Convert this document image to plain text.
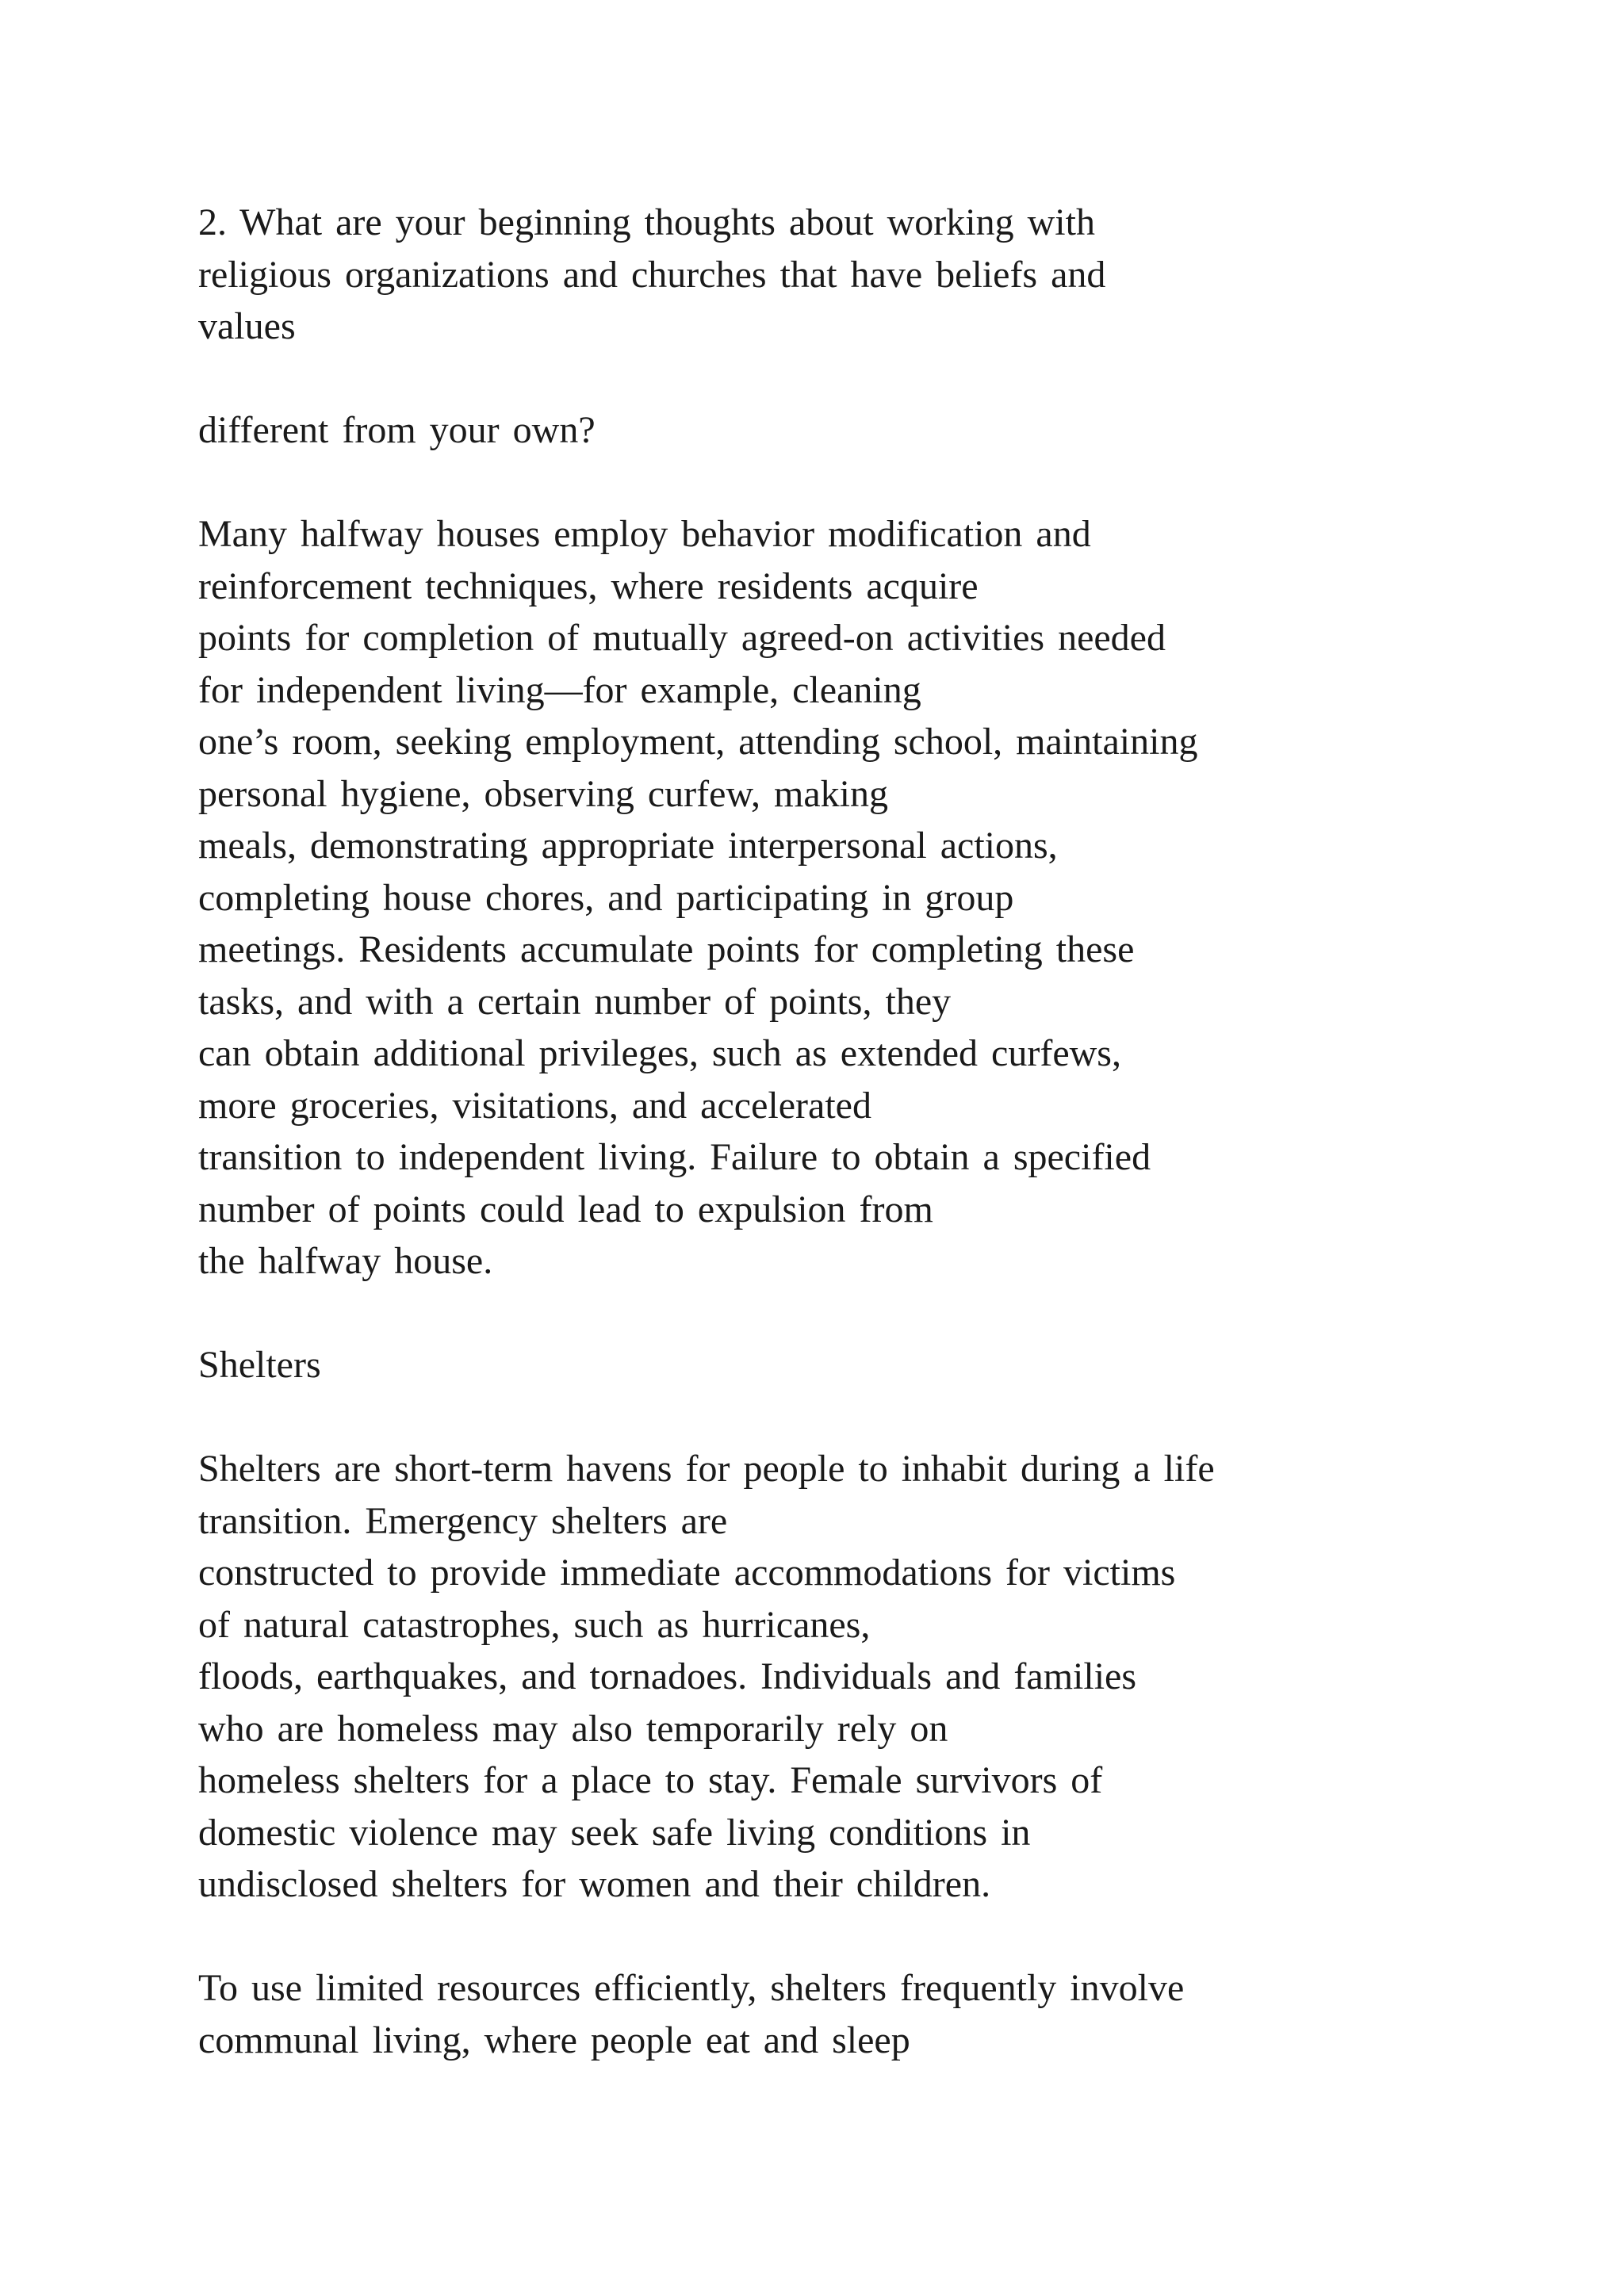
2. What are your beginning thoughts about working with
religious organizations and churches that have beliefs and
values
different from your own?
Many halfway houses employ behavior modification and
reinforcement techniques, where residents acquire
points for completion of mutually agreed-on activities needed
for independent living—for example, cleaning
one’s room, seeking employment, attending school, maintaining
personal hygiene, observing curfew, making
meals, demonstrating appropriate interpersonal actions,
completing house chores, and participating in group
meetings. Residents accumulate points for completing these
tasks, and with a certain number of points, they
can obtain additional privileges, such as extended curfews,
more groceries, visitations, and accelerated
transition to independent living. Failure to obtain a specified
number of points could lead to expulsion from
the halfway house.
Shelters
Shelters are short-term havens for people to inhabit during a life
transition. Emergency shelters are
constructed to provide immediate accommodations for victims
of natural catastrophes, such as hurricanes,
floods, earthquakes, and tornadoes. Individuals and families
who are homeless may also temporarily rely on
homeless shelters for a place to stay. Female survivors of
domestic violence may seek safe living conditions in
undisclosed shelters for women and their children.
To use limited resources efficiently, shelters frequently involve
communal living, where people eat and sleep
